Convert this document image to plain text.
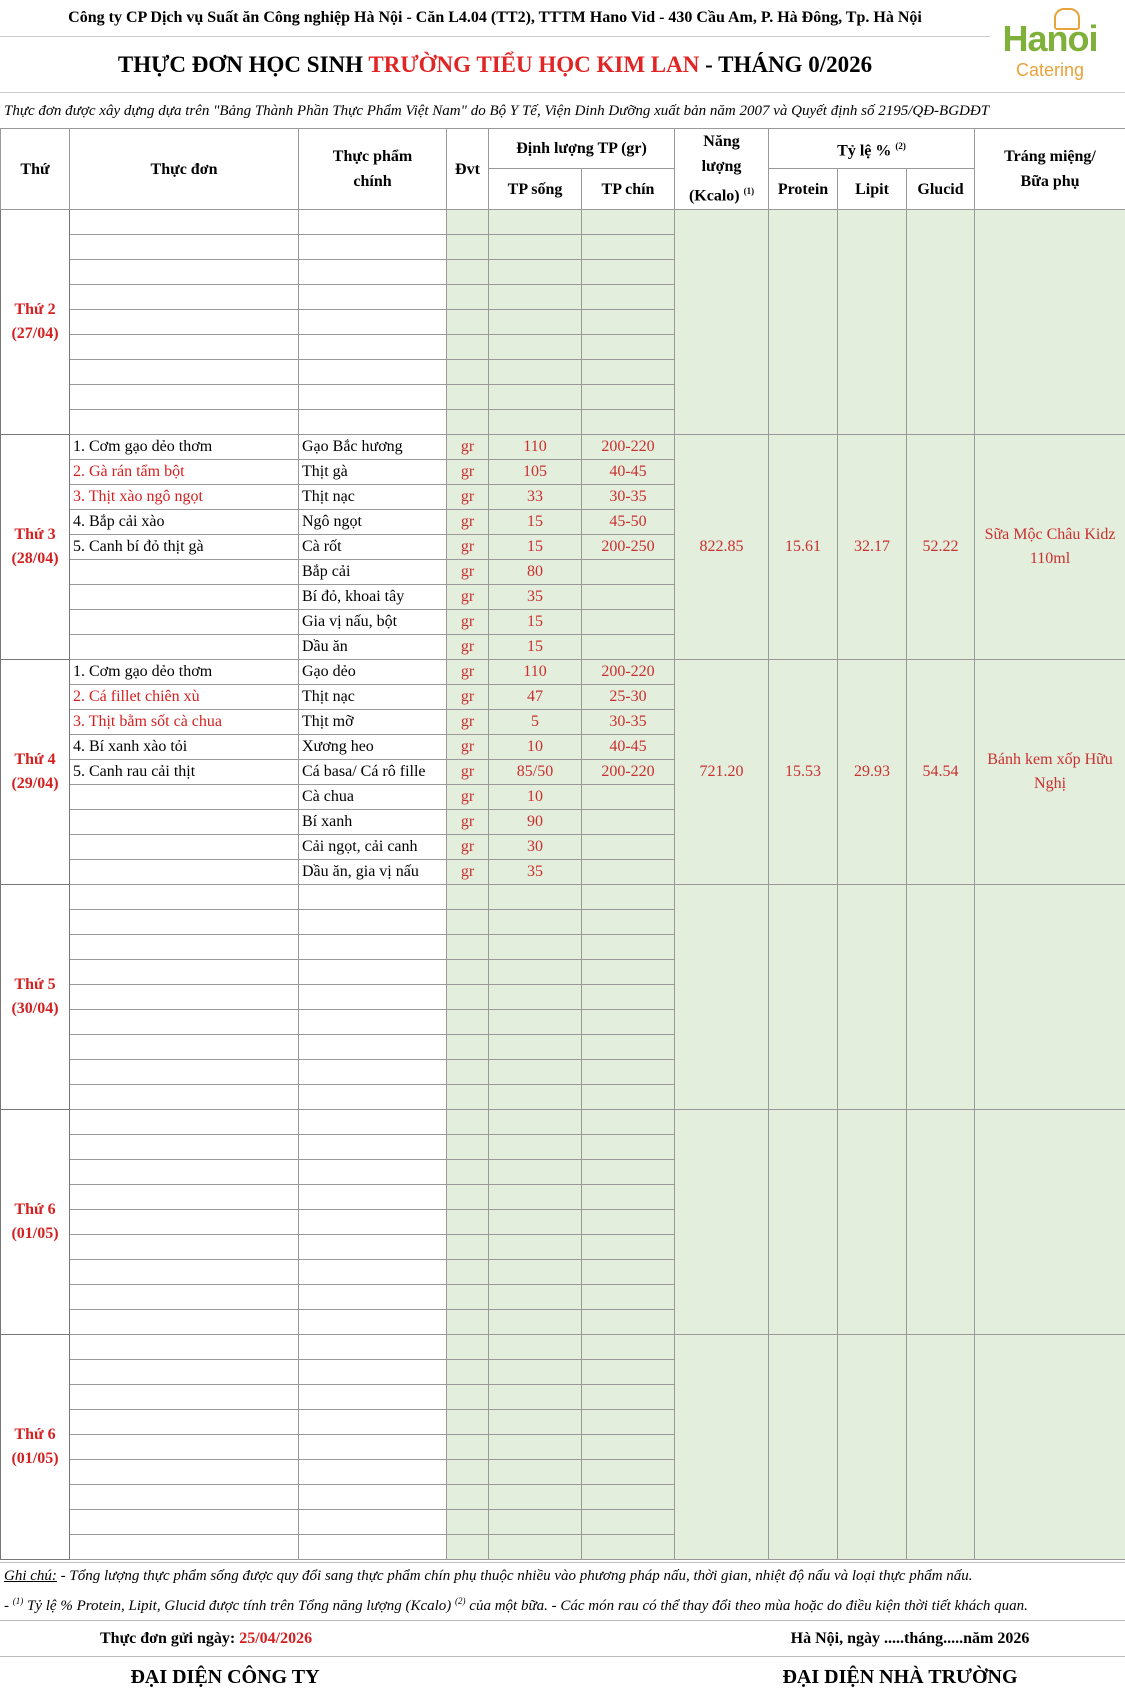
Công ty CP Dịch vụ Suất ăn Công nghiệp Hà Nội - Căn L4.04 (TT2), TTTM Hano Vid - 430 Cầu Am, P. Hà Đông, Tp. Hà Nội
Hanoi
Catering
THỰC ĐƠN HỌC SINH TRƯỜNG TIỂU HỌC KIM LAN - THÁNG 0/2026
Thực đơn được xây dựng dựa trên "Bảng Thành Phần Thực Phẩm Việt Nam" do Bộ Y Tế, Viện Dinh Dưỡng xuất bản năm 2007 và Quyết định số 2195/QĐ-BGDĐT
Thứ	Thực đơn	Thực phẩm
chính	Đvt	Định lượng TP (gr)		Năng
lượng
(Kcalo) $^{(1)}$	Tỷ lệ % $^{(2)}$			Tráng miệng/
Bữa phụ
				TP sống	TP chín		Protein	Lipit	Glucid	
Thứ 2
(27/04)										

Thứ 3
(28/04)	1. Cơm gạo dẻo thơm	Gạo Bắc hương	gr	110	200-220	822.85	15.61	32.17	52.22	Sữa Mộc Châu Kidz 110ml
	2. Gà rán tẩm bột	Thịt gà	gr	105	40-45					
	3. Thịt xào ngô ngọt	Thịt nạc	gr	33	30-35					
	4. Bắp cải xào	Ngô ngọt	gr	15	45-50					
	5. Canh bí đỏ thịt gà	Cà rốt	gr	15	200-250					
		Bắp cải	gr	80						
		Bí đỏ, khoai tây	gr	35						
		Gia vị nấu, bột	gr	15						
		Dầu ăn	gr	15						
Thứ 4
(29/04)	1. Cơm gạo dẻo thơm	Gạo dẻo	gr	110	200-220	721.20	15.53	29.93	54.54	Bánh kem xốp Hữu Nghị
	2. Cá fillet chiên xù	Thịt nạc	gr	47	25-30					
	3. Thịt bằm sốt cà chua	Thịt mỡ	gr	5	30-35					
	4. Bí xanh xào tỏi	Xương heo	gr	10	40-45					
	5. Canh rau cải thịt	Cá basa/ Cá rô fille	gr	85/50	200-220					
		Cà chua	gr	10						
		Bí xanh	gr	90						
		Cải ngọt, cải canh	gr	30						
		Dầu ăn, gia vị nấu	gr	35						
Thứ 5
(30/04)										

Thứ 6
(01/05)										

Thứ 6
(01/05)										

Ghi chú: - Tổng lượng thực phẩm sống được quy đổi sang thực phẩm chín phụ thuộc nhiều vào phương pháp nấu, thời gian, nhiệt độ nấu và loại thực phẩm nấu.
- $^{(1)}$ Tỷ lệ % Protein, Lipit, Glucid được tính trên Tổng năng lượng (Kcalo) $^{(2)}$ của một bữa. - Các món rau có thể thay đổi theo mùa hoặc do điều kiện thời tiết khách quan.
Thực đơn gửi ngày: 25/04/2026	Hà Nội, ngày .....tháng.....năm 2026
ĐẠI DIỆN CÔNG TY	ĐẠI DIỆN NHÀ TRƯỜNG
